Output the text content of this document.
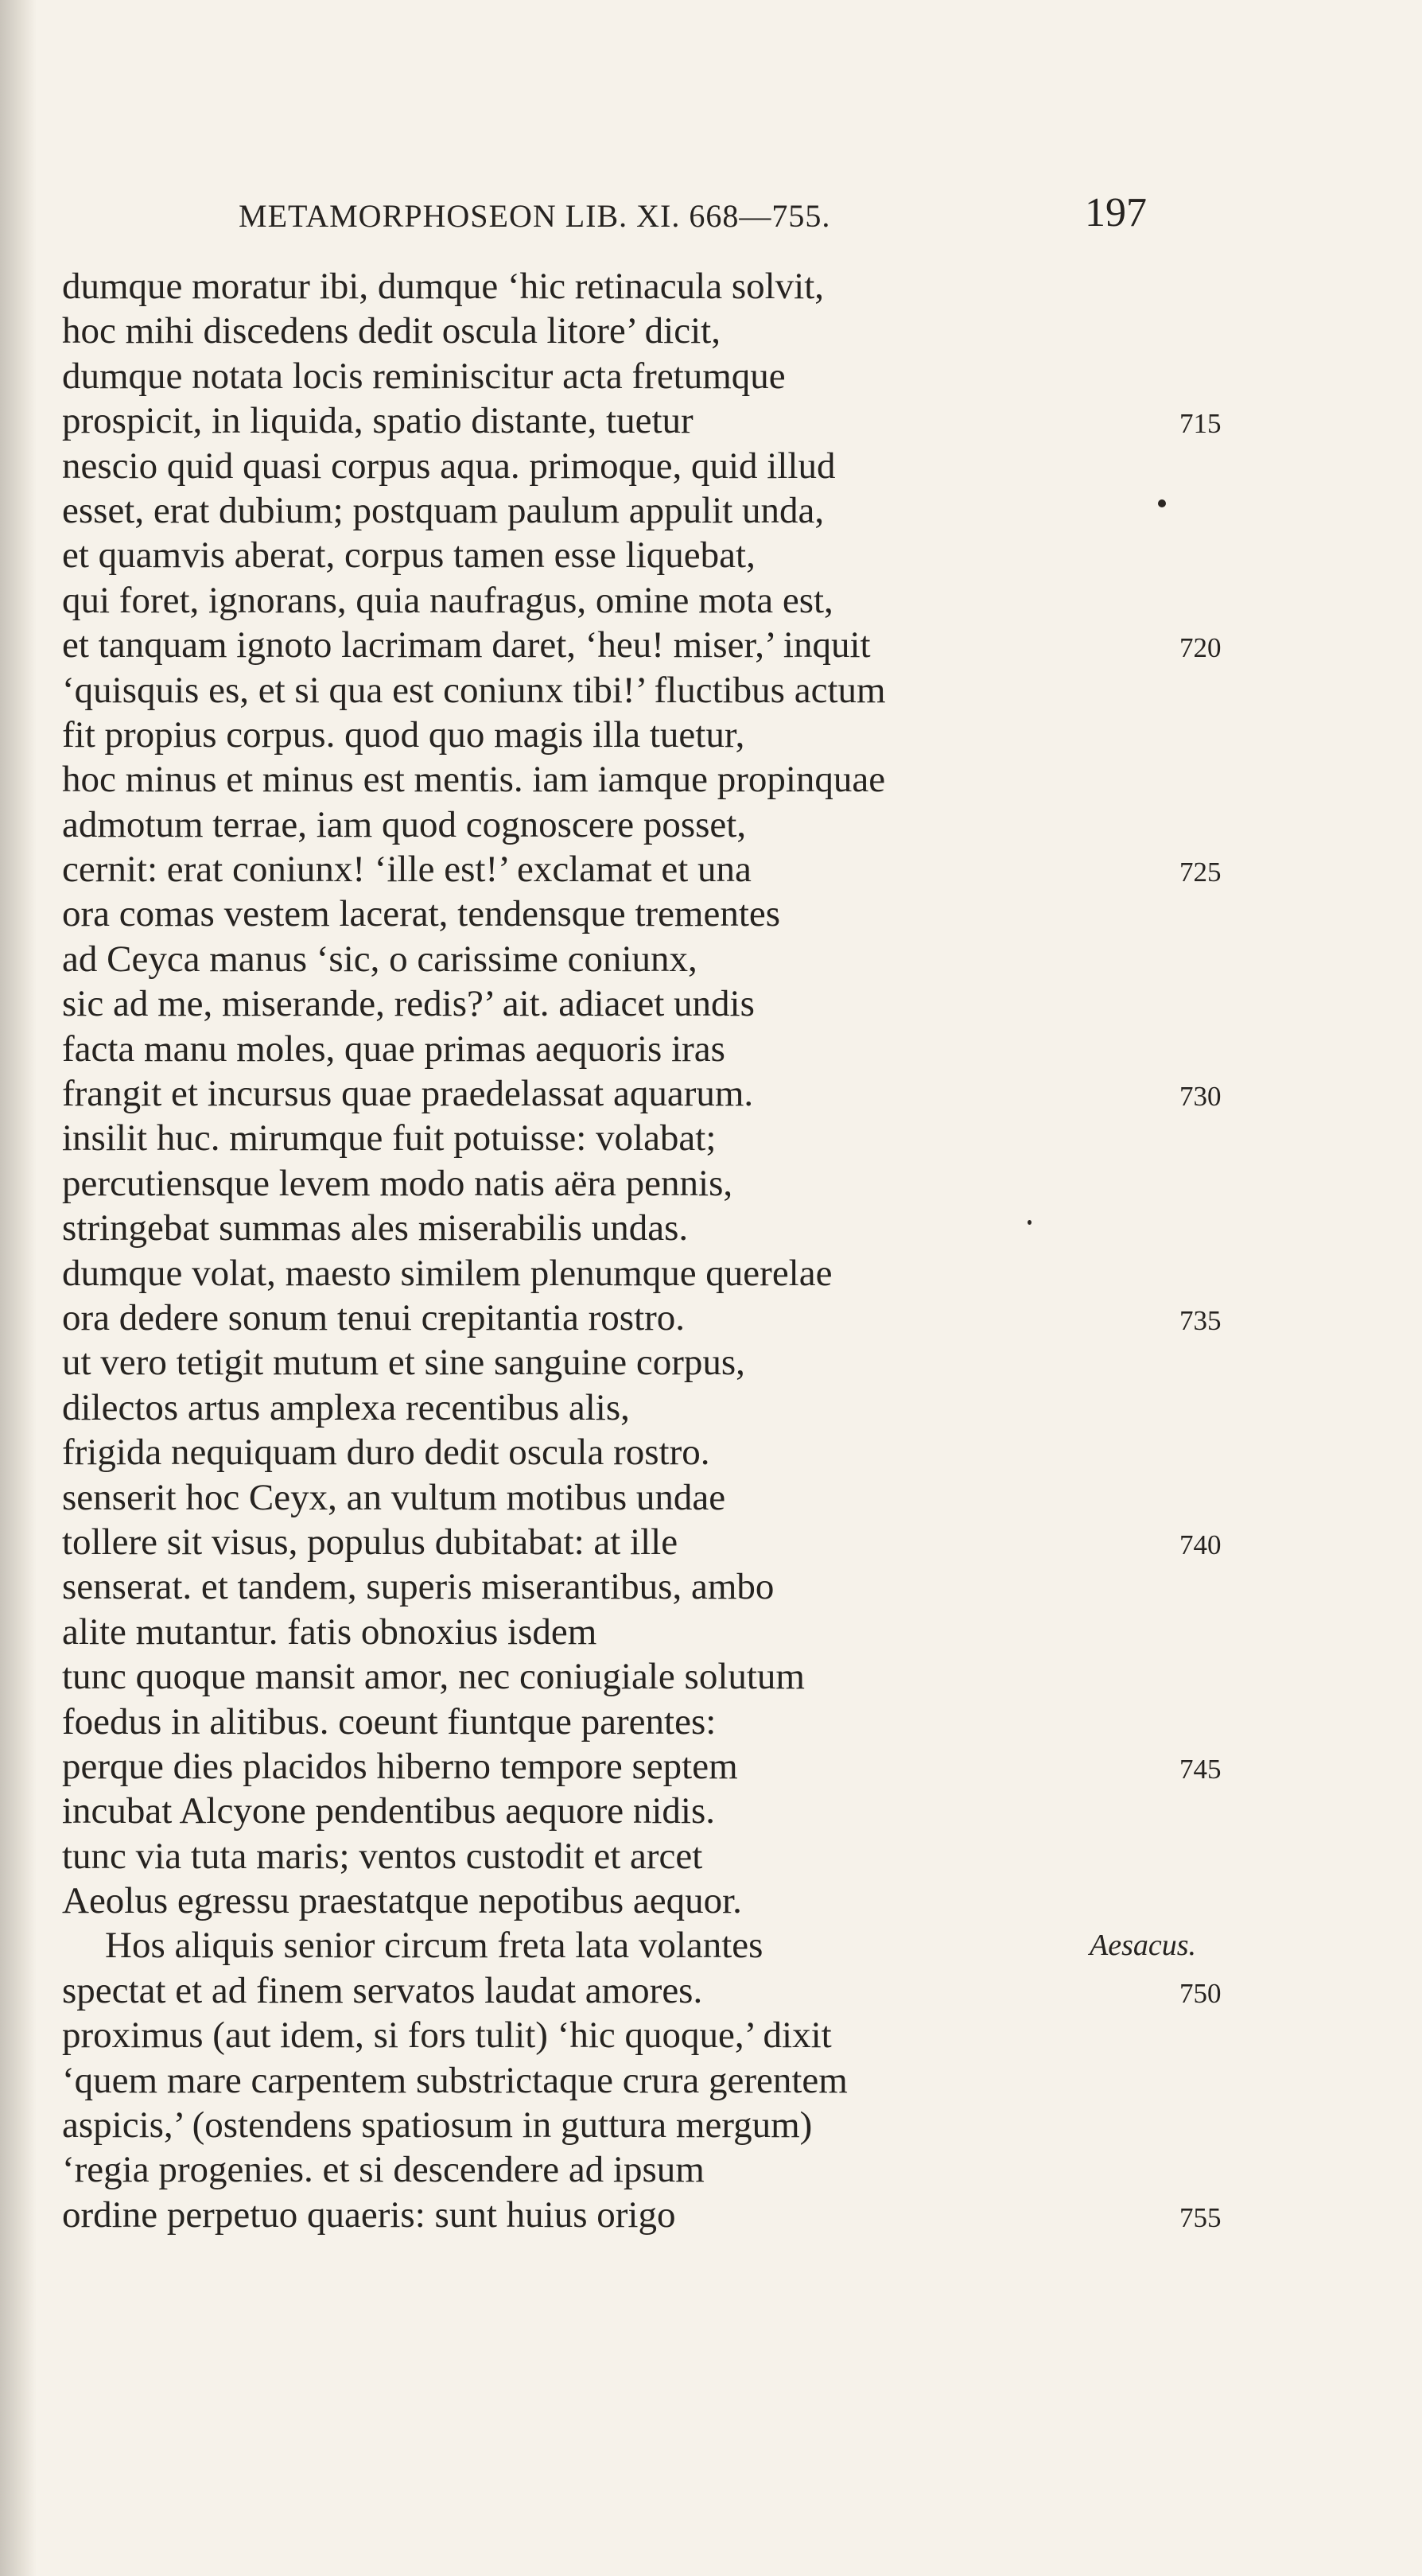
METAMORPHOSEON LIB. XI. 668—755.	197
dumque moratur ibi, dumque ‘hic retinacula solvit,
hoc mihi discedens dedit oscula litore’ dicit,
dumque notata locis reminiscitur acta fretumque
prospicit, in liquida, spatio distante, tuetur	715
nescio quid quasi corpus aqua. primoque, quid illud
esset, erat dubium; postquam paulum appulit unda,
et quamvis aberat, corpus tamen esse liquebat,
qui foret, ignorans, quia naufragus, omine mota est,
et tanquam ignoto lacrimam daret, ‘heu! miser,’ inquit	720
‘quisquis es, et si qua est coniunx tibi!’ fluctibus actum
fit propius corpus. quod quo magis illa tuetur,
hoc minus et minus est mentis. iam iamque propinquae
admotum terrae, iam quod cognoscere posset,
cernit: erat coniunx! ‘ille est!’ exclamat et una	725
ora comas vestem lacerat, tendensque trementes
ad Ceyca manus ‘sic, o carissime coniunx,
sic ad me, miserande, redis?’ ait. adiacet undis
facta manu moles, quae primas aequoris iras
frangit et incursus quae praedelassat aquarum.	730
insilit huc. mirumque fuit potuisse: volabat;
percutiensque levem modo natis aëra pennis,
stringebat summas ales miserabilis undas.
dumque volat, maesto similem plenumque querelae
ora dedere sonum tenui crepitantia rostro.	735
ut vero tetigit mutum et sine sanguine corpus,
dilectos artus amplexa recentibus alis,
frigida nequiquam duro dedit oscula rostro.
senserit hoc Ceyx, an vultum motibus undae
tollere sit visus, populus dubitabat: at ille	740
senserat. et tandem, superis miserantibus, ambo
alite mutantur. fatis obnoxius isdem
tunc quoque mansit amor, nec coniugiale solutum
foedus in alitibus. coeunt fiuntque parentes:
perque dies placidos hiberno tempore septem	745
incubat Alcyone pendentibus aequore nidis.
tunc via tuta maris; ventos custodit et arcet
Aeolus egressu praestatque nepotibus aequor.
Hos aliquis senior circum freta lata volantes	Aesacus.
spectat et ad finem servatos laudat amores.	750
proximus (aut idem, si fors tulit) ‘hic quoque,’ dixit
‘quem mare carpentem substrictaque crura gerentem
aspicis,’ (ostendens spatiosum in guttura mergum)
‘regia progenies. et si descendere ad ipsum
ordine perpetuo quaeris: sunt huius origo	755
